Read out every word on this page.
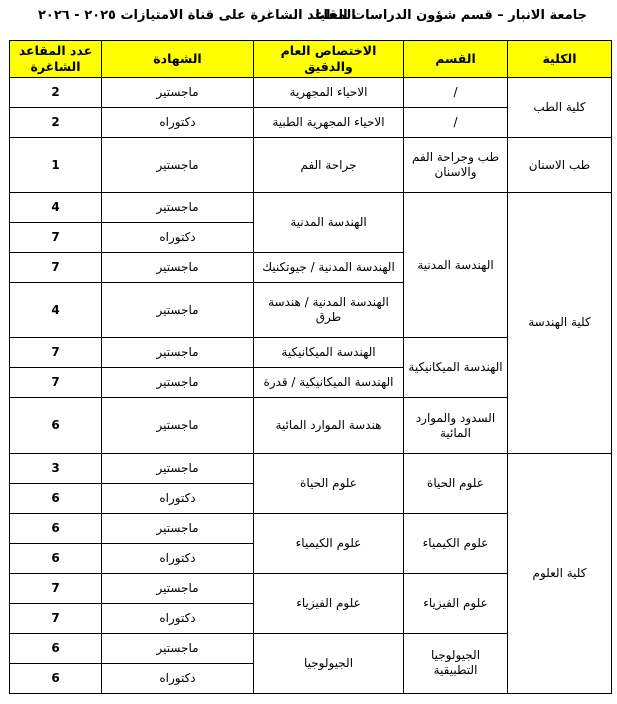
جامعة الانبار – قسم شؤون الدراسات العليا
المقاعد الشاغرة على قناة الامتيازات ٢٠٢٥ - ٢٠٢٦
الكلية	القسم	الاختصاص العام والدقيق	الشهادة	عدد المقاعد الشاغرة
كلية الطب	/	الاحياء المجهرية	ماجستير	2
	/	الاحياء المجهرية الطبية	دكتوراه	2
طب الاسنان	طب وجراحة الفم والاسنان	جراحة الفم	ماجستير	1
كلية الهندسة	الهندسة المدنية	الهندسة المدنية	ماجستير	4
			دكتوراه	7
		الهندسة المدنية / جيوتكنيك	ماجستير	7
		الهندسة المدنية / هندسة طرق	ماجستير	4
	الهندسة الميكانيكية	الهندسة الميكانيكية	ماجستير	7
		الهندسة الميكانيكية / قدرة	ماجستير	7
	السدود والموارد المائية	هندسة الموارد المائية	ماجستير	6
كلية العلوم	علوم الحياة	علوم الحياة	ماجستير	3
			دكتوراه	6
	علوم الكيمياء	علوم الكيمياء	ماجستير	6
			دكتوراه	6
	علوم الفيزياء	علوم الفيزياء	ماجستير	7
			دكتوراه	7
	الجيولوجيا التطبيقية	الجيولوجيا	ماجستير	6
			دكتوراه	6
